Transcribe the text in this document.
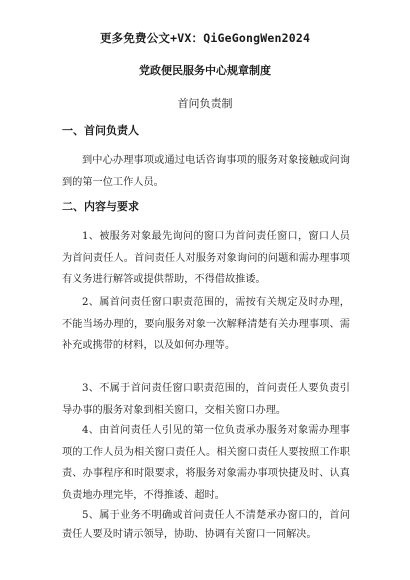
更多免费公文+VX：QiGeGongWen2024
党政便民服务中心规章制度
首问负责制
一、首问负责人
到中心办理事项或通过电话咨询事项的服务对象接触或问询到的第一位工作人员。
二、内容与要求
1、被服务对象最先询问的窗口为首问责任窗口，窗口人员为首问责任人。首问责任人对服务对象询问的问题和需办理事项有义务进行解答或提供帮助，不得借故推诿。
2、属首问责任窗口职责范围的，需按有关规定及时办理，不能当场办理的，要向服务对象一次解释清楚有关办理事项、需补充或携带的材料，以及如何办理等。
3、不属于首问责任窗口职责范围的，首问责任人要负责引导办事的服务对象到相关窗口，交相关窗口办理。
4、由首问责任人引见的第一位负责承办服务对象需办理事项的工作人员为相关窗口责任人。相关窗口责任人要按照工作职责、办事程序和时限要求，将服务对象需办事项快捷及时、认真负责地办理完毕，不得推诿、超时。
5、属于业务不明确或首问责任人不清楚承办窗口的，首问责任人要及时请示领导，协助、协调有关窗口一同解决。
